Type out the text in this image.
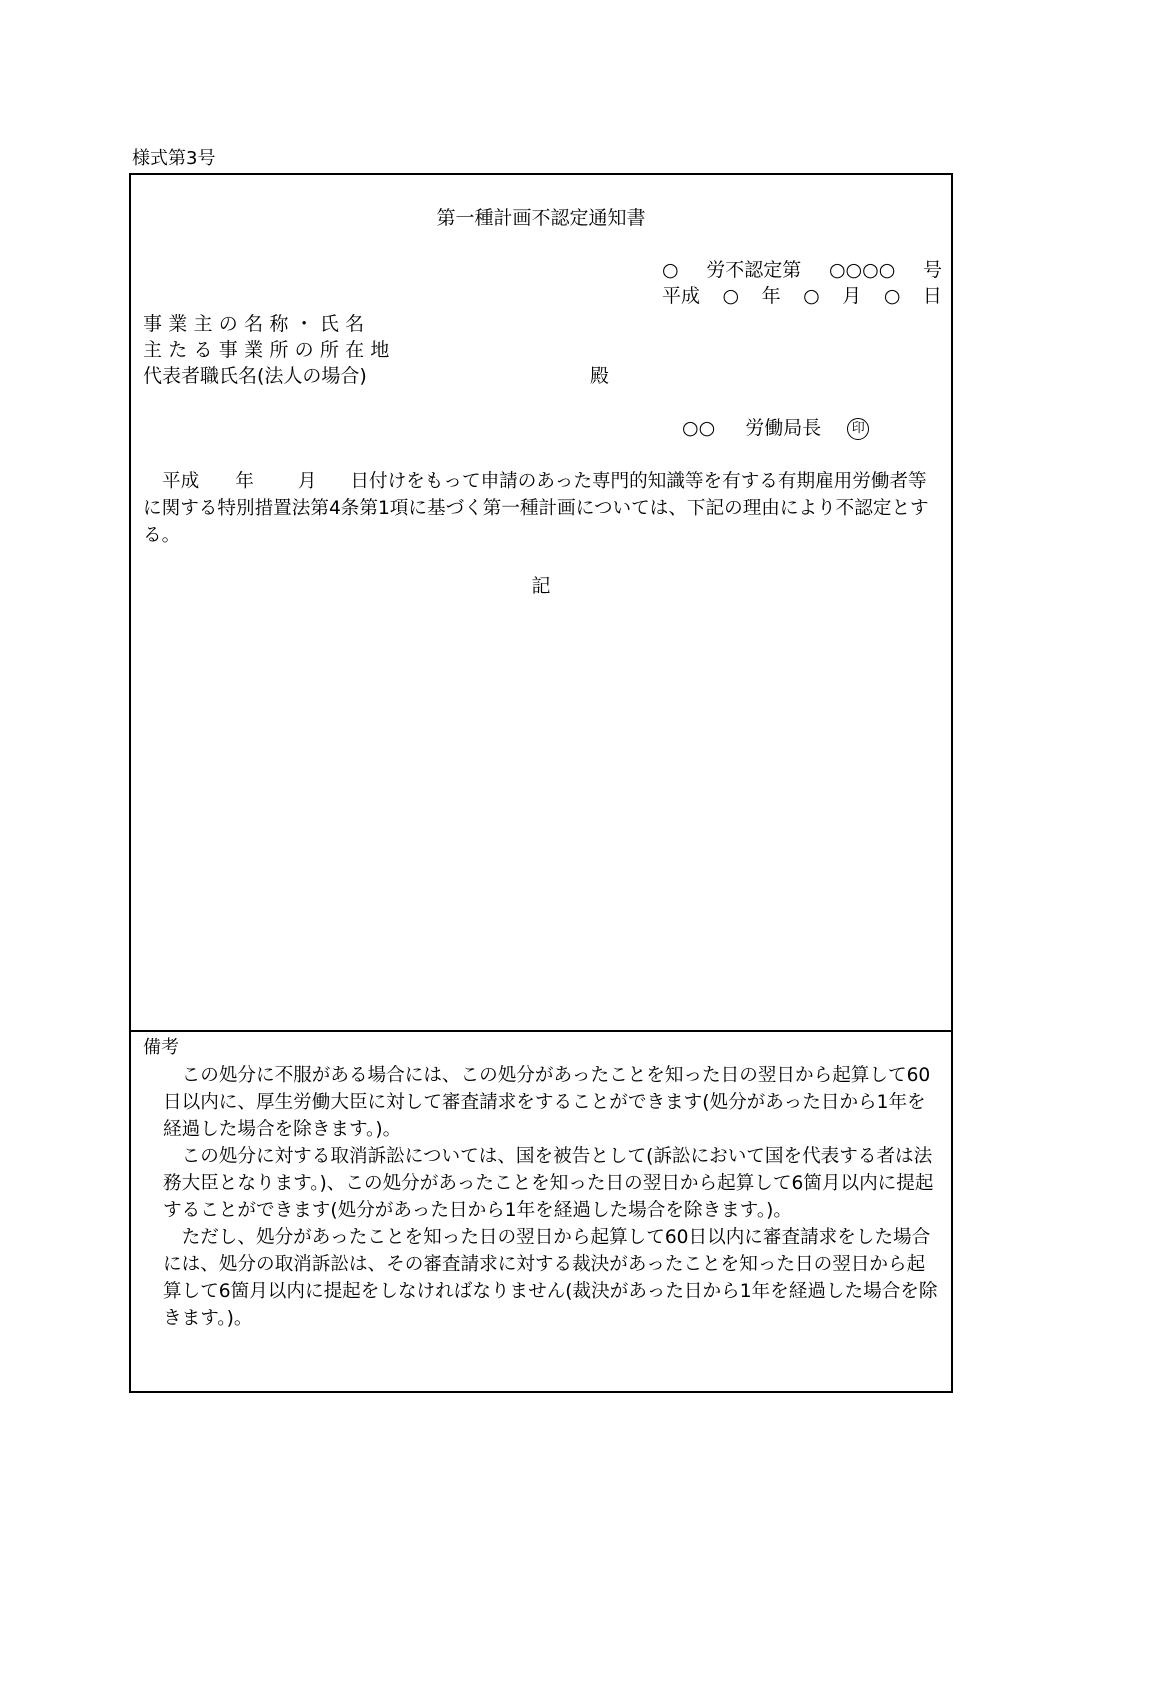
様式第3号
第一種計画不認定通知書
○ 労不認定第 ○○○○ 号
平成 ○ 年 ○ 月 ○ 日
事業主の名称・氏名
主たる事業所の所在地
代表者職氏名(法人の場合)	殿
○○ 労働局長 印
平成 年 月 日付けをもって申請のあった専門的知識等を有する有期雇用労働者等に関する特別措置法第4条第1項に基づく第一種計画については、下記の理由により不認定とする。
記
備考

この処分に不服がある場合には、この処分があったことを知った日の翌日から起算して60日以内に、厚生労働大臣に対して審査請求をすることができます(処分があった日から1年を経過した場合を除きます。)。

この処分に対する取消訴訟については、国を被告として(訴訟において国を代表する者は法務大臣となります。)、この処分があったことを知った日の翌日から起算して6箇月以内に提起することができます(処分があった日から1年を経過した場合を除きます。)。

ただし、処分があったことを知った日の翌日から起算して60日以内に審査請求をした場合には、処分の取消訴訟は、その審査請求に対する裁決があったことを知った日の翌日から起算して6箇月以内に提起をしなければなりません(裁決があった日から1年を経過した場合を除きます。)。
